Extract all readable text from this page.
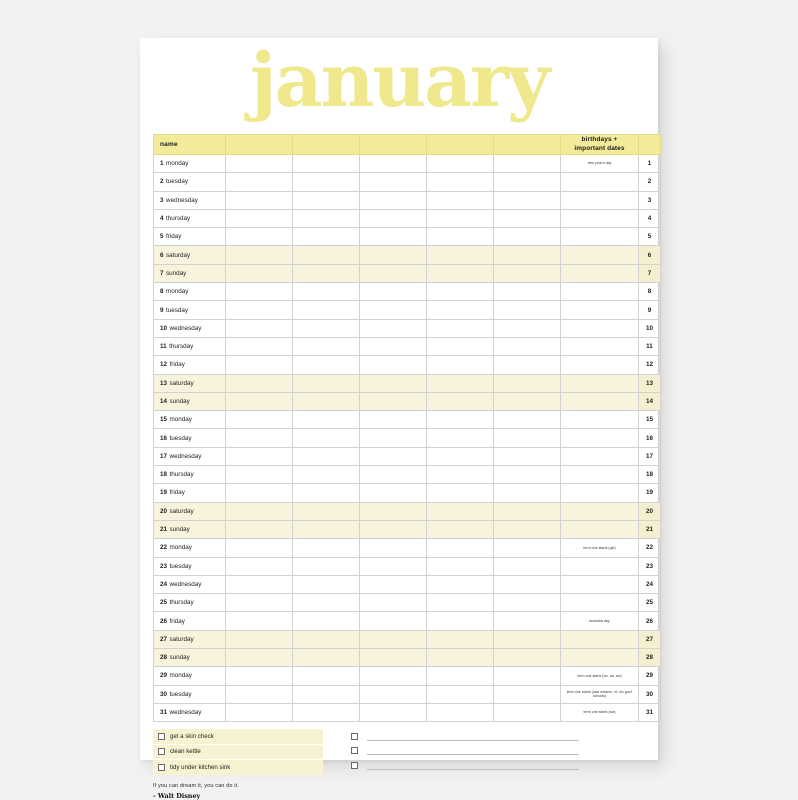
january
name						birthdays +
important dates	
1 monday						new year's day	1
2 tuesday							2
3 wednesday							3
4 thursday							4
5 friday							5
6 saturday							6
7 sunday							7
8 monday							8
9 tuesday							9
10 wednesday							10
11 thursday							11
12 friday							12
13 saturday							13
14 sunday							14
15 monday							15
16 tuesday							16
17 wednesday							17
18 thursday							18
19 friday							19
20 saturday							20
21 sunday							21
22 monday						term one starts (qld)	22
23 tuesday							23
24 wednesday							24
25 thursday							25
26 friday						australia day	26
27 saturday							27
28 sunday							28
29 monday						term one starts (vic, sa, act)	29
30 tuesday						term one starts (nsw eastern, nt, nic gov't schools)	30
31 wednesday						term one starts (wa)	31
get a skin check
clean kettle
tidy under kitchen sink
If you can dream it, you can do it.
- Walt Disney
